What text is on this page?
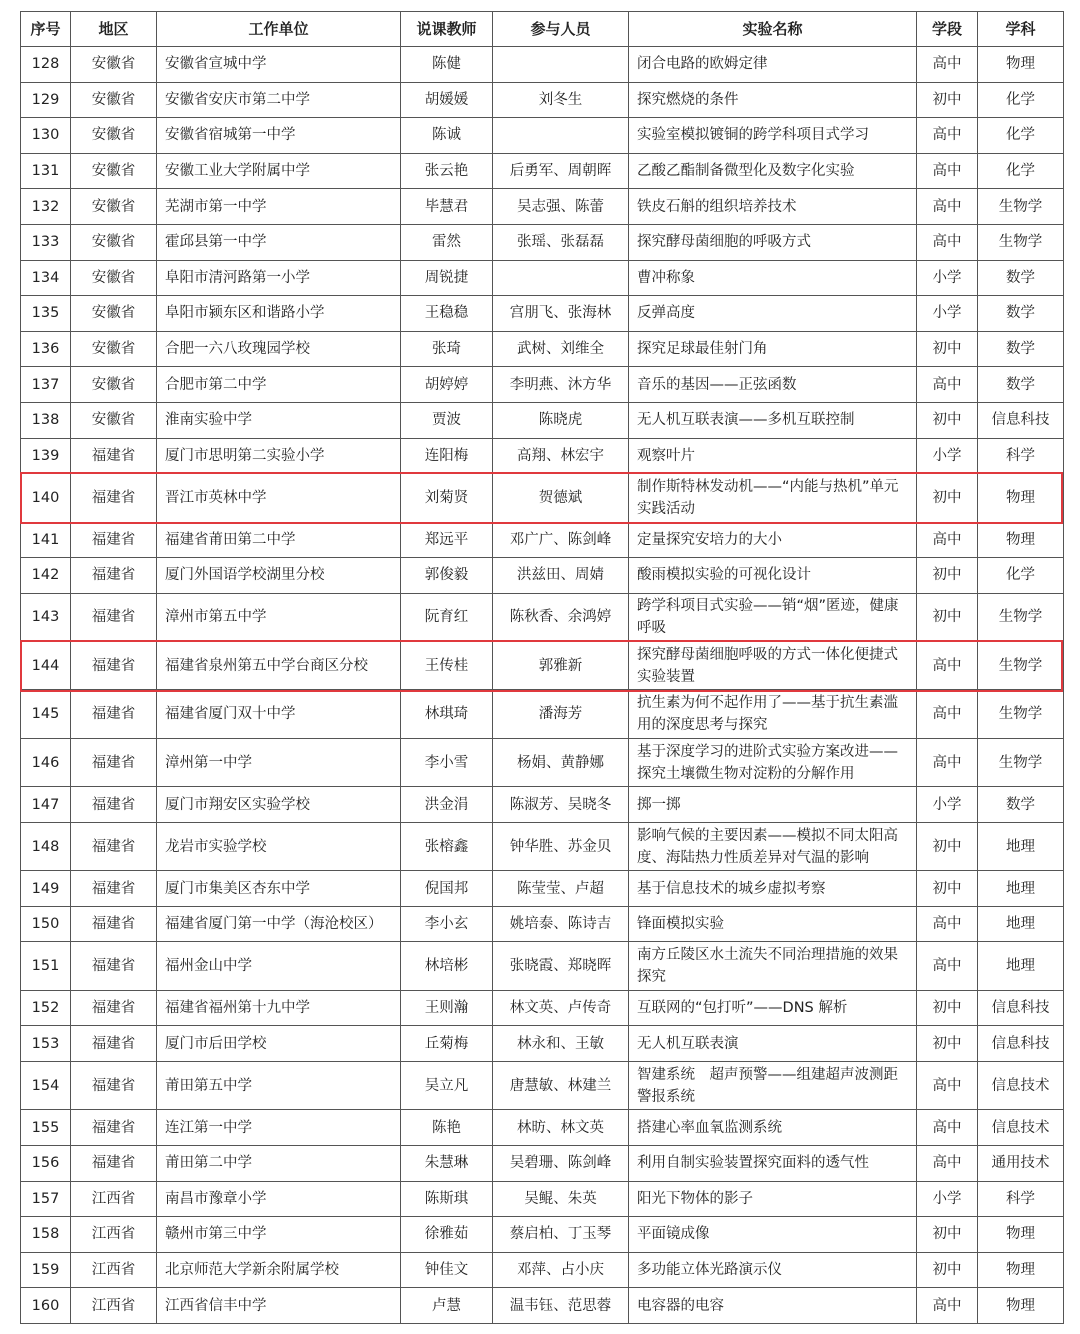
序号	地区	工作单位	说课教师	参与人员	实验名称	学段	学科
128	安徽省	安徽省宣城中学	陈健		闭合电路的欧姆定律	高中	物理
129	安徽省	安徽省安庆市第二中学	胡媛媛	刘冬生	探究燃烧的条件	初中	化学
130	安徽省	安徽省宿城第一中学	陈诚		实验室模拟镀铜的跨学科项目式学习	高中	化学
131	安徽省	安徽工业大学附属中学	张云艳	后勇军、周朝晖	乙酸乙酯制备微型化及数字化实验	高中	化学
132	安徽省	芜湖市第一中学	毕慧君	吴志强、陈蕾	铁皮石斛的组织培养技术	高中	生物学
133	安徽省	霍邱县第一中学	雷然	张瑶、张磊磊	探究酵母菌细胞的呼吸方式	高中	生物学
134	安徽省	阜阳市清河路第一小学	周锐捷		曹冲称象	小学	数学
135	安徽省	阜阳市颍东区和谐路小学	王稳稳	宫朋飞、张海林	反弹高度	小学	数学
136	安徽省	合肥一六八玫瑰园学校	张琦	武树、刘维全	探究足球最佳射门角	初中	数学
137	安徽省	合肥市第二中学	胡婷婷	李明燕、沐方华	音乐的基因——正弦函数	高中	数学
138	安徽省	淮南实验中学	贾波	陈晓虎	无人机互联表演——多机互联控制	初中	信息科技
139	福建省	厦门市思明第二实验小学	连阳梅	高翔、林宏宇	观察叶片	小学	科学
140	福建省	晋江市英林中学	刘菊贤	贺德斌	制作斯特林发动机——“内能与热机”单元实践活动	初中	物理
141	福建省	福建省莆田第二中学	郑远平	邓广广、陈剑峰	定量探究安培力的大小	高中	物理
142	福建省	厦门外国语学校湖里分校	郭俊毅	洪兹田、周婧	酸雨模拟实验的可视化设计	初中	化学
143	福建省	漳州市第五中学	阮育红	陈秋香、余鸿婷	跨学科项目式实验——销“烟”匿迹，健康呼吸	初中	生物学
144	福建省	福建省泉州第五中学台商区分校	王传桂	郭雅新	探究酵母菌细胞呼吸的方式一体化便捷式实验装置	高中	生物学
145	福建省	福建省厦门双十中学	林琪琦	潘海芳	抗生素为何不起作用了——基于抗生素滥用的深度思考与探究	高中	生物学
146	福建省	漳州第一中学	李小雪	杨娟、黄静娜	基于深度学习的进阶式实验方案改进——探究土壤微生物对淀粉的分解作用	高中	生物学
147	福建省	厦门市翔安区实验学校	洪金涓	陈淑芳、吴晓冬	掷一掷	小学	数学
148	福建省	龙岩市实验学校	张榕鑫	钟华胜、苏金贝	影响气候的主要因素——模拟不同太阳高度、海陆热力性质差异对气温的影响	初中	地理
149	福建省	厦门市集美区杏东中学	倪国邦	陈莹莹、卢超	基于信息技术的城乡虚拟考察	初中	地理
150	福建省	福建省厦门第一中学（海沧校区）	李小玄	姚培泰、陈诗吉	锋面模拟实验	高中	地理
151	福建省	福州金山中学	林培彬	张晓霞、郑晓晖	南方丘陵区水土流失不同治理措施的效果探究	高中	地理
152	福建省	福建省福州第十九中学	王则瀚	林文英、卢传奇	互联网的“包打听”——DNS 解析	初中	信息科技
153	福建省	厦门市后田学校	丘菊梅	林永和、王敏	无人机互联表演	初中	信息科技
154	福建省	莆田第五中学	吴立凡	唐慧敏、林建兰	智建系统　超声预警——组建超声波测距警报系统	高中	信息技术
155	福建省	连江第一中学	陈艳	林昉、林文英	搭建心率血氧监测系统	高中	信息技术
156	福建省	莆田第二中学	朱慧琳	吴碧珊、陈剑峰	利用自制实验装置探究面料的透气性	高中	通用技术
157	江西省	南昌市豫章小学	陈斯琪	吴鲲、朱英	阳光下物体的影子	小学	科学
158	江西省	赣州市第三中学	徐雅茹	蔡启柏、丁玉琴	平面镜成像	初中	物理
159	江西省	北京师范大学新余附属学校	钟佳文	邓萍、占小庆	多功能立体光路演示仪	初中	物理
160	江西省	江西省信丰中学	卢慧	温韦钰、范思蓉	电容器的电容	高中	物理
